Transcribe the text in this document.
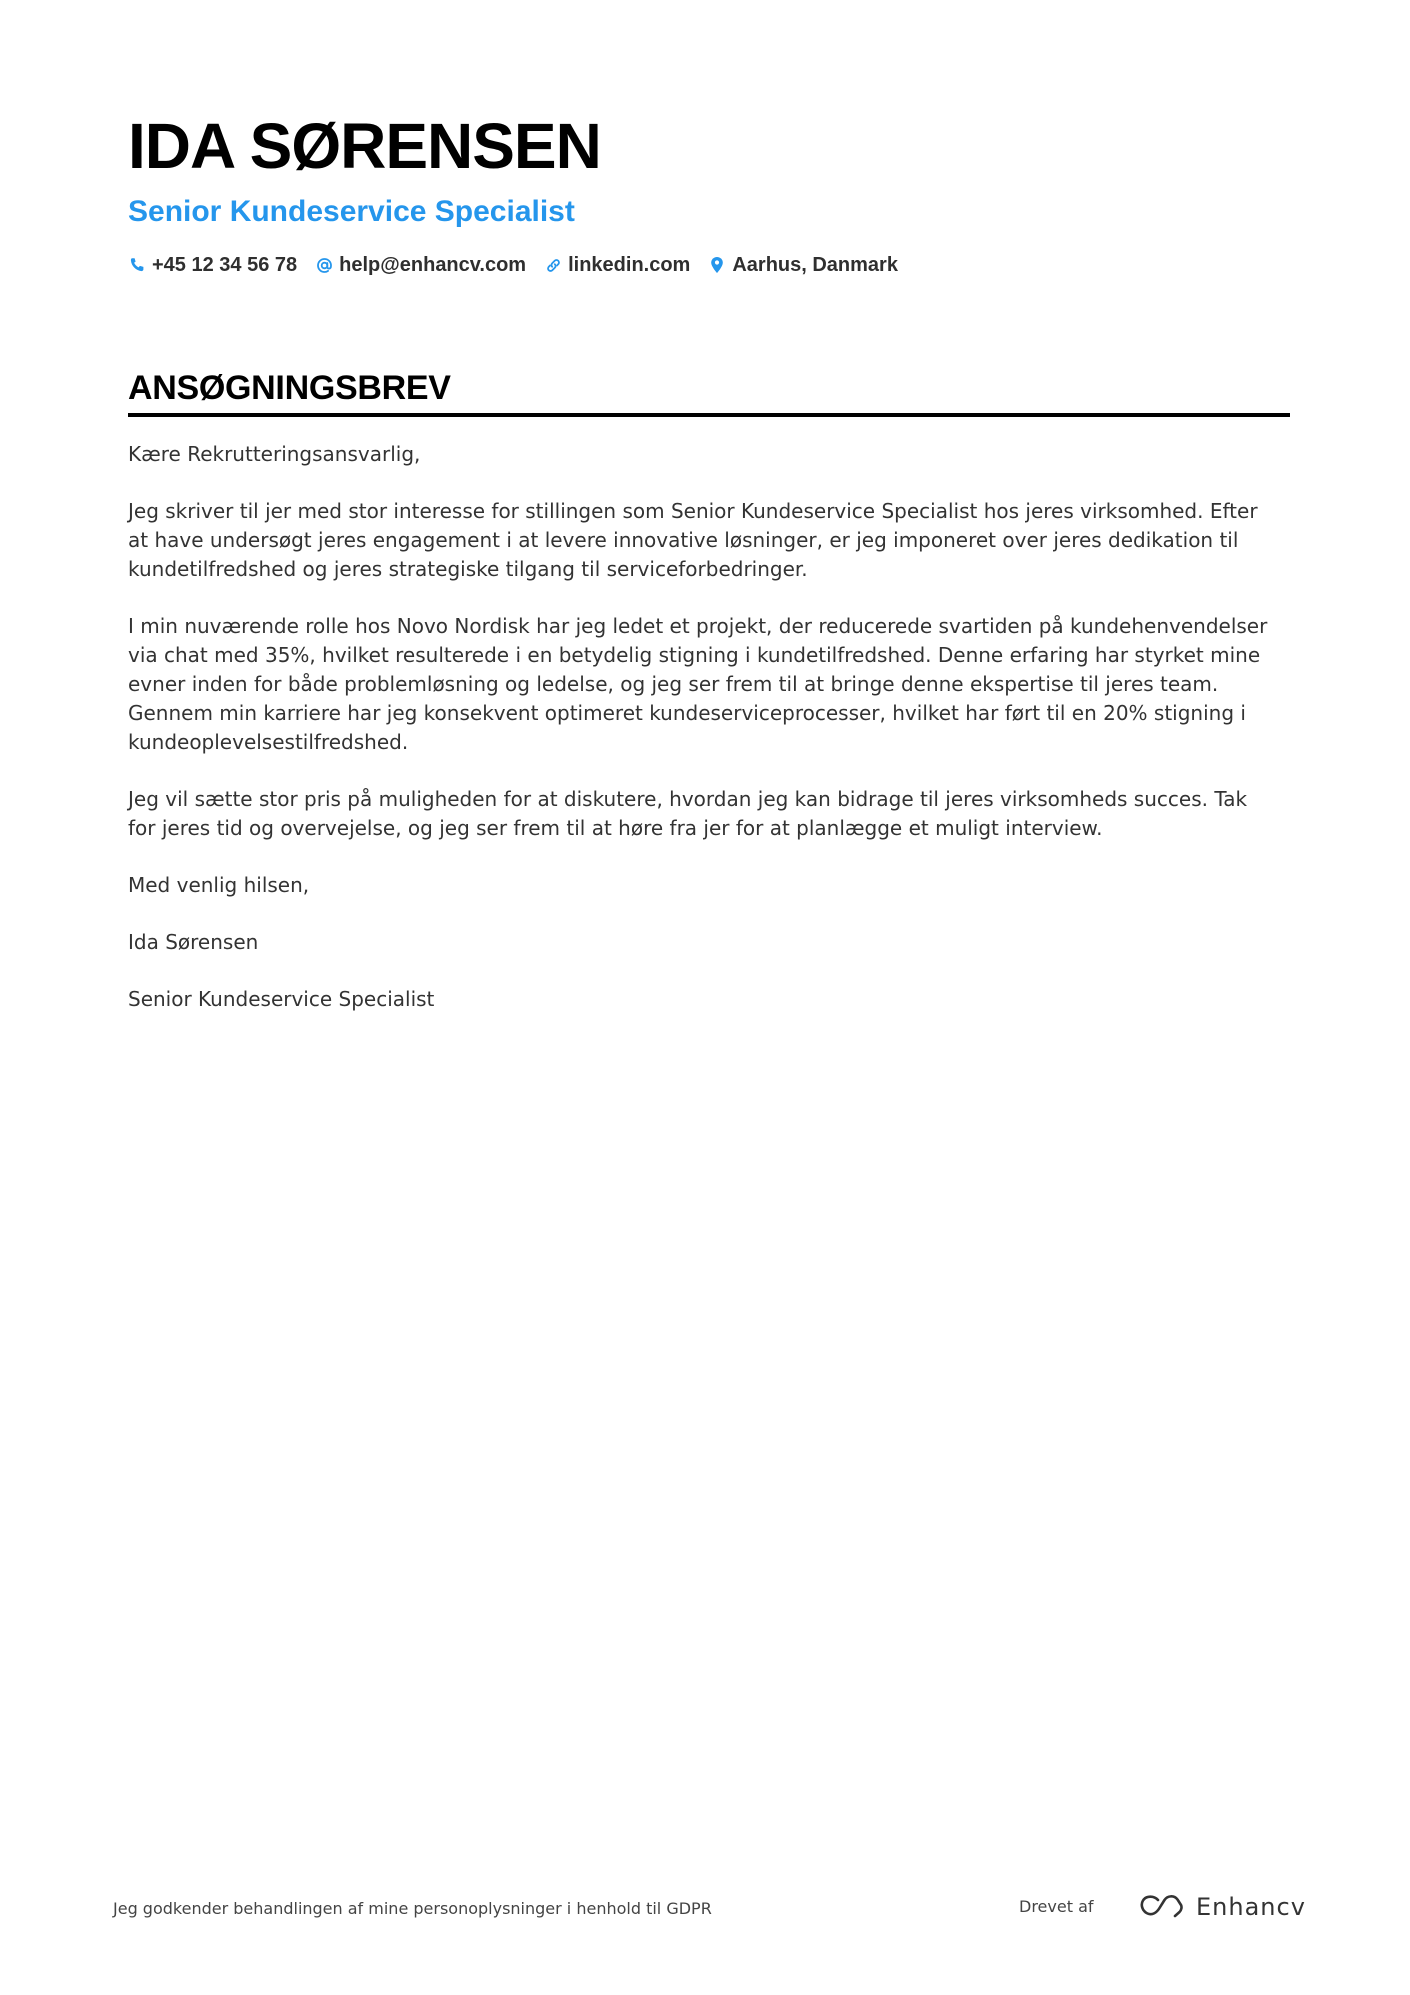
IDA SØRENSEN
Senior Kundeservice Specialist
+45 12 34 56 78 help@enhancv.com linkedin.com Aarhus, Danmark
ANSØGNINGSBREV

Kære Rekrutteringsansvarlig,

Jeg skriver til jer med stor interesse for stillingen som Senior Kundeservice Specialist hos jeres virksomhed. Efter at have undersøgt jeres engagement i at levere innovative løsninger, er jeg imponeret over jeres dedikation til kundetilfredshed og jeres strategiske tilgang til serviceforbedringer.

I min nuværende rolle hos Novo Nordisk har jeg ledet et projekt, der reducerede svartiden på kundehenvendelser via chat med 35%, hvilket resulterede i en betydelig stigning i kundetilfredshed. Denne erfaring har styrket mine evner inden for både problemløsning og ledelse, og jeg ser frem til at bringe denne ekspertise til jeres team. Gennem min karriere har jeg konsekvent optimeret kundeserviceprocesser, hvilket har ført til en 20% stigning i kundeoplevelsestilfredshed.

Jeg vil sætte stor pris på muligheden for at diskutere, hvordan jeg kan bidrage til jeres virksomheds succes. Tak for jeres tid og overvejelse, og jeg ser frem til at høre fra jer for at planlægge et muligt interview.

Med venlig hilsen,

Ida Sørensen

Senior Kundeservice Specialist

Jeg godkender behandlingen af mine personoplysninger i henhold til GDPR	Drevet af	Enhancv
